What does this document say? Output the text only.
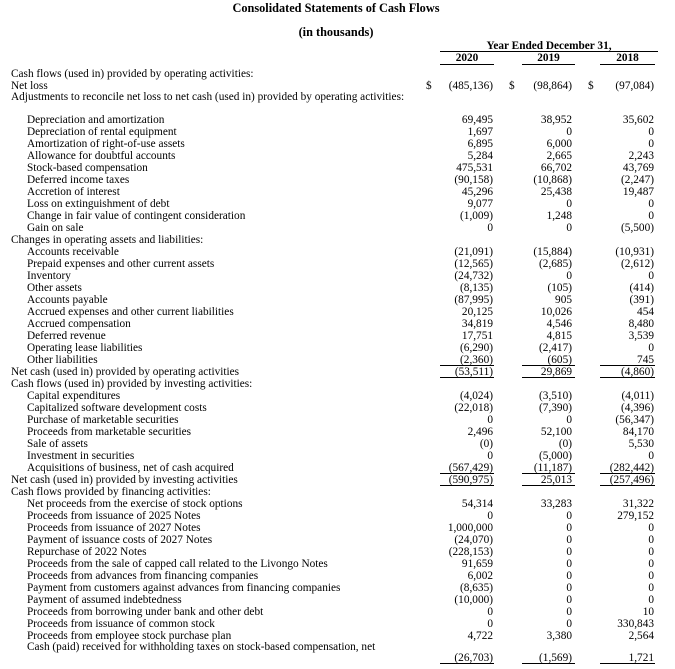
Consolidated Statements of Cash Flows
(in thousands)
Year Ended December 31,
2020	2019	2018
Cash flows (used in) provided by operating activities:
Net loss	$ (485,136) $ (98,864) $ (97,084)
Adjustments to reconcile net loss to net cash (used in) provided by operating activities:
Depreciation and amortization	69,495	38,952	35,602
Depreciation of rental equipment	1,697	0	0
Amortization of right-of-use assets	6,895	6,000	0
Allowance for doubtful accounts	5,284	2,665	2,243
Stock-based compensation	475,531	66,702	43,769
Deferred income taxes	(90,158)	(10,868)	(2,247)
Accretion of interest	45,296	25,438	19,487
Loss on extinguishment of debt	9,077	0	0
Change in fair value of contingent consideration	(1,009)	1,248	0
Gain on sale	0	0	(5,500)
Changes in operating assets and liabilities:
Accounts receivable	(21,091)	(15,884)	(10,931)
Prepaid expenses and other current assets	(12,565)	(2,685)	(2,612)
Inventory	(24,732)	0	0
Other assets	(8,135)	(105)	(414)
Accounts payable	(87,995)	905	(391)
Accrued expenses and other current liabilities	20,125	10,026	454
Accrued compensation	34,819	4,546	8,480
Deferred revenue	17,751	4,815	3,539
Operating lease liabilities	(6,290)	(2,417)	0
Other liabilities	(2,360)	(605)	745
Net cash (used in) provided by operating activities	(53,511)	29,869	(4,860)
Cash flows (used in) provided by investing activities:
Capital expenditures	(4,024)	(3,510)	(4,011)
Capitalized software development costs	(22,018)	(7,390)	(4,396)
Purchase of marketable securities	0	0	(56,347)
Proceeds from marketable securities	2,496	52,100	84,170
Sale of assets	(0)	(0)	5,530
Investment in securities	0	(5,000)	0
Acquisitions of business, net of cash acquired	(567,429)	(11,187)	(282,442)
Net cash (used in) provided by investing activities	(590,975)	25,013	(257,496)
Cash flows provided by financing activities:
Net proceeds from the exercise of stock options	54,314	33,283	31,322
Proceeds from issuance of 2025 Notes	0	0	279,152
Proceeds from issuance of 2027 Notes	1,000,000	0	0
Payment of issuance costs of 2027 Notes	(24,070)	0	0
Repurchase of 2022 Notes	(228,153)	0	0
Proceeds from the sale of capped call related to the Livongo Notes	91,659	0	0
Proceeds from advances from financing companies	6,002	0	0
Payment from customers against advances from financing companies	(8,635)	0	0
Payment of assumed indebtedness	(10,000)	0	0
Proceeds from borrowing under bank and other debt	0	0	10
Proceeds from issuance of common stock	0	0	330,843
Proceeds from employee stock purchase plan	4,722	3,380	2,564
Cash (paid) received for withholding taxes on stock-based compensation, net
(26,703)	(1,569)	1,721
